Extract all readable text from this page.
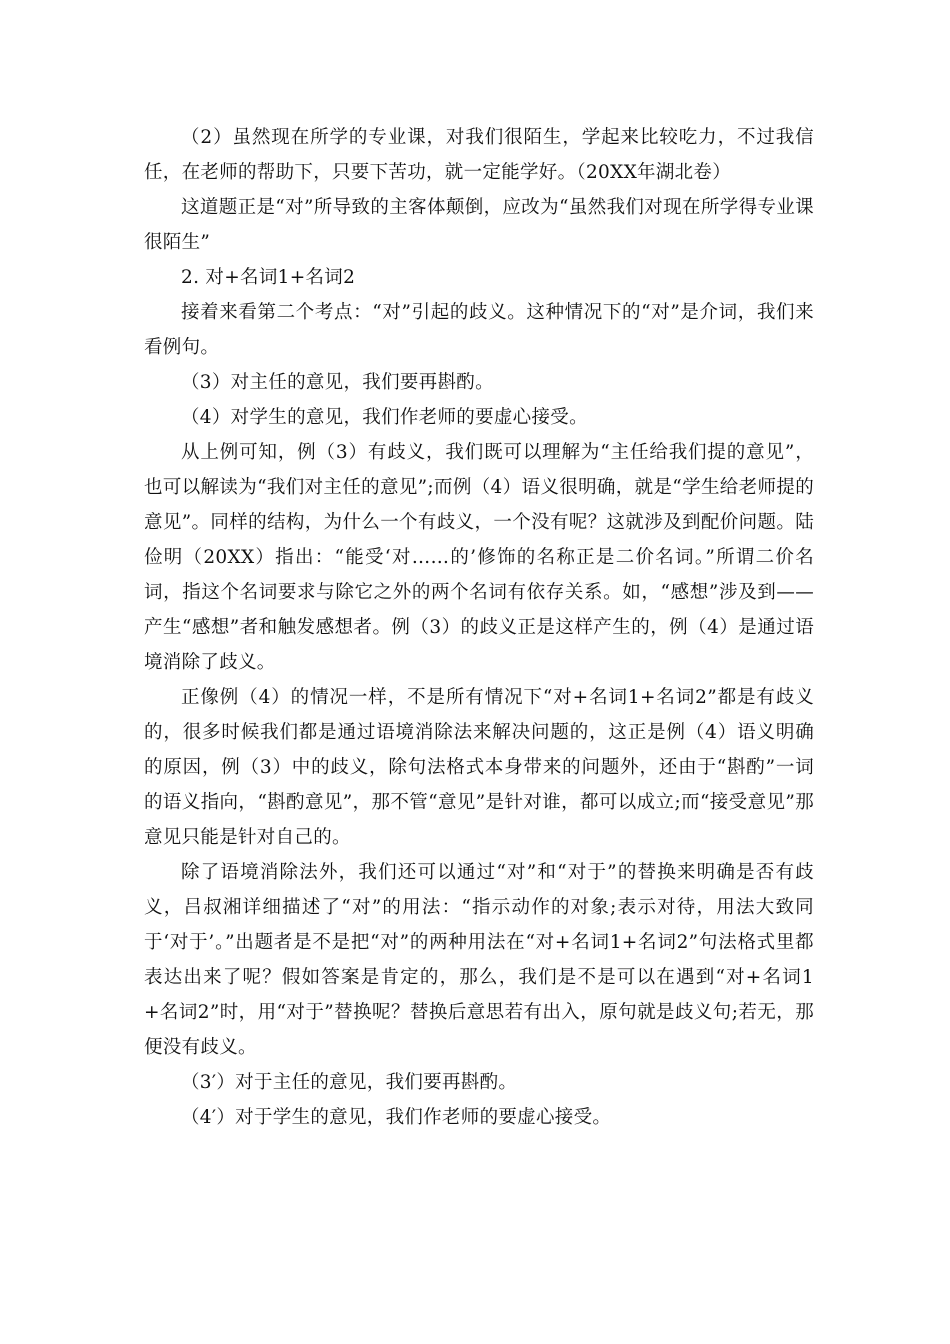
（2）虽然现在所学的专业课，对我们很陌生，学起来比较吃力，不过我信任，在老师的帮助下，只要下苦功，就一定能学好。（20XX年湖北卷）

这道题正是“对”所导致的主客体颠倒，应改为“虽然我们对现在所学得专业课很陌生”

2. 对+名词1+名词2

接着来看第二个考点：“对”引起的歧义。这种情况下的“对”是介词，我们来看例句。

（3）对主任的意见，我们要再斟酌。

（4）对学生的意见，我们作老师的要虚心接受。

从上例可知，例（3）有歧义，我们既可以理解为“主任给我们提的意见”，也可以解读为“我们对主任的意见”;而例（4）语义很明确，就是“学生给老师提的意见”。同样的结构，为什么一个有歧义，一个没有呢？这就涉及到配价问题。陆俭明（20XX）指出：“能受‘对……的’修饰的名称正是二价名词。”所谓二价名词，指这个名词要求与除它之外的两个名词有依存关系。如，“感想”涉及到——产生“感想”者和触发感想者。例（3）的歧义正是这样产生的，例（4）是通过语境消除了歧义。

正像例（4）的情况一样，不是所有情况下“对+名词1+名词2”都是有歧义的，很多时候我们都是通过语境消除法来解决问题的，这正是例（4）语义明确的原因，例（3）中的歧义，除句法格式本身带来的问题外，还由于“斟酌”一词的语义指向，“斟酌意见”，那不管“意见”是针对谁，都可以成立;而“接受意见”那意见只能是针对自己的。

除了语境消除法外，我们还可以通过“对”和“对于”的替换来明确是否有歧义，吕叔湘详细描述了“对”的用法：“指示动作的对象;表示对待，用法大致同于‘对于’。”出题者是不是把“对”的两种用法在“对+名词1+名词2”句法格式里都表达出来了呢？假如答案是肯定的，那么，我们是不是可以在遇到“对+名词1+名词2”时，用“对于”替换呢？替换后意思若有出入，原句就是歧义句;若无，那便没有歧义。

（3′）对于主任的意见，我们要再斟酌。

（4′）对于学生的意见，我们作老师的要虚心接受。
